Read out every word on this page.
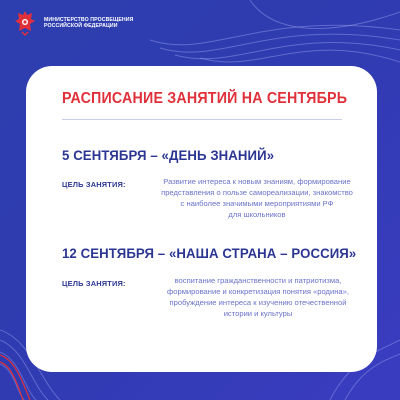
МИНИСТЕРСТВО ПРОСВЕЩЕНИЯ
РОССИЙСКОЙ ФЕДЕРАЦИИ
РАСПИСАНИЕ ЗАНЯТИЙ НА СЕНТЯБРЬ
5 СЕНТЯБРЯ – «ДЕНЬ ЗНАНИЙ»
ЦЕЛЬ ЗАНЯТИЯ:	Развитие интереса к новым знаниям, формирование
представления о пользе самореализации, знакомство
с наиболее значимыми мероприятиями РФ
для школьников
12 СЕНТЯБРЯ – «НАША СТРАНА – РОССИЯ»
ЦЕЛЬ ЗАНЯТИЯ:	воспитание гражданственности и патриотизма,
формирование и конкретизация понятия «родина»,
пробуждение интереса к изучению отечественной
истории и культуры
